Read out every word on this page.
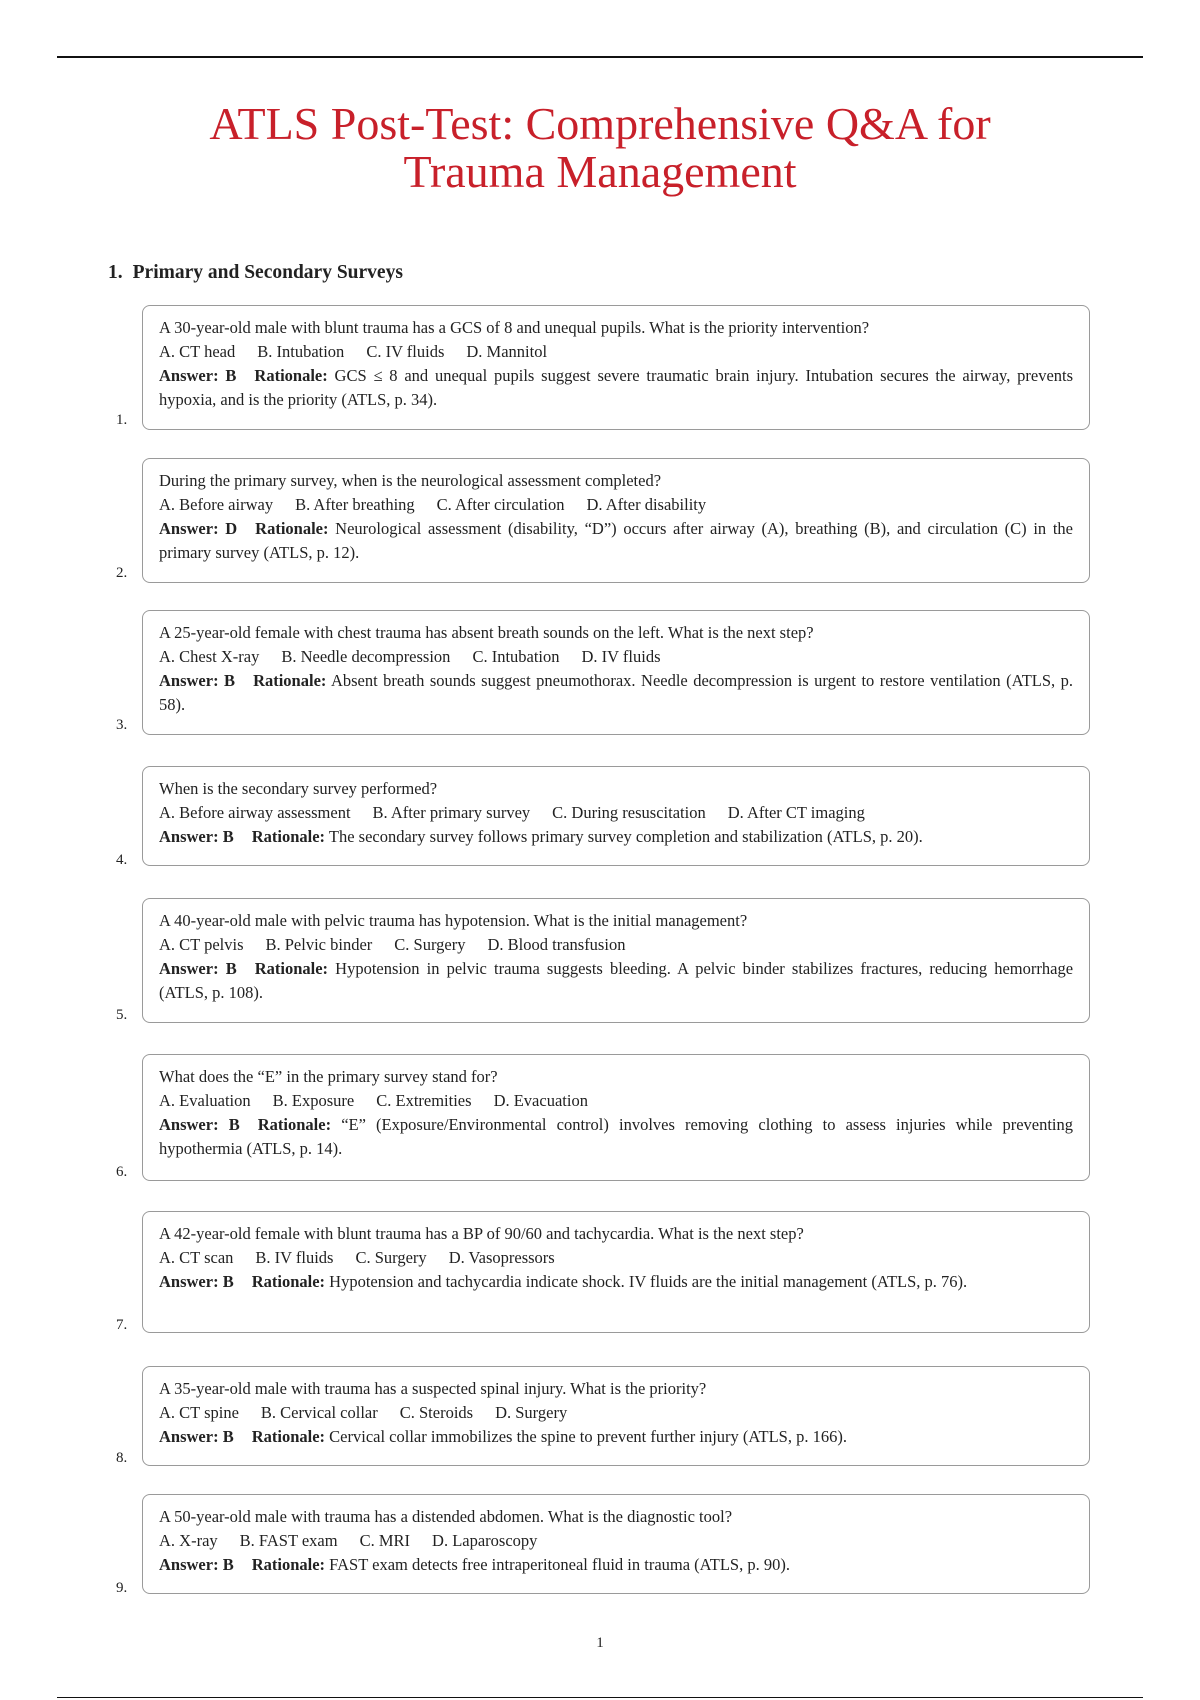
ATLS Post-Test: Comprehensive Q&A for Trauma Management
1. Primary and Secondary Surveys

A 30-year-old male with blunt trauma has a GCS of 8 and unequal pupils. What is the priority intervention?

A. CT head B. Intubation C. IV fluids D. Mannitol

Answer: B Rationale: GCS ≤ 8 and unequal pupils suggest severe traumatic brain injury. Intubation secures the airway, prevents hypoxia, and is the priority (ATLS, p. 34).

1.

During the primary survey, when is the neurological assessment completed?

A. Before airway B. After breathing C. After circulation D. After disability

Answer: D Rationale: Neurological assessment (disability, “D”) occurs after airway (A), breathing (B), and circulation (C) in the primary survey (ATLS, p. 12).

2.

A 25-year-old female with chest trauma has absent breath sounds on the left. What is the next step?

A. Chest X-ray B. Needle decompression C. Intubation D. IV fluids

Answer: B Rationale: Absent breath sounds suggest pneumothorax. Needle decompression is urgent to restore ventilation (ATLS, p. 58).

3.

When is the secondary survey performed?

A. Before airway assessment B. After primary survey C. During resuscitation D. After CT imaging

Answer: B Rationale: The secondary survey follows primary survey completion and stabilization (ATLS, p. 20).

4.

A 40-year-old male with pelvic trauma has hypotension. What is the initial management?

A. CT pelvis B. Pelvic binder C. Surgery D. Blood transfusion

Answer: B Rationale: Hypotension in pelvic trauma suggests bleeding. A pelvic binder stabilizes fractures, reducing hemorrhage (ATLS, p. 108).

5.

What does the “E” in the primary survey stand for?

A. Evaluation B. Exposure C. Extremities D. Evacuation

Answer: B Rationale: “E” (Exposure/Environmental control) involves removing clothing to assess injuries while preventing hypothermia (ATLS, p. 14).

6.

A 42-year-old female with blunt trauma has a BP of 90/60 and tachycardia. What is the next step?

A. CT scan B. IV fluids C. Surgery D. Vasopressors

Answer: B Rationale: Hypotension and tachycardia indicate shock. IV fluids are the initial management (ATLS, p. 76).

7.

A 35-year-old male with trauma has a suspected spinal injury. What is the priority?

A. CT spine B. Cervical collar C. Steroids D. Surgery

Answer: B Rationale: Cervical collar immobilizes the spine to prevent further injury (ATLS, p. 166).

8.

A 50-year-old male with trauma has a distended abdomen. What is the diagnostic tool?

A. X-ray B. FAST exam C. MRI D. Laparoscopy

Answer: B Rationale: FAST exam detects free intraperitoneal fluid in trauma (ATLS, p. 90).

9.
1
